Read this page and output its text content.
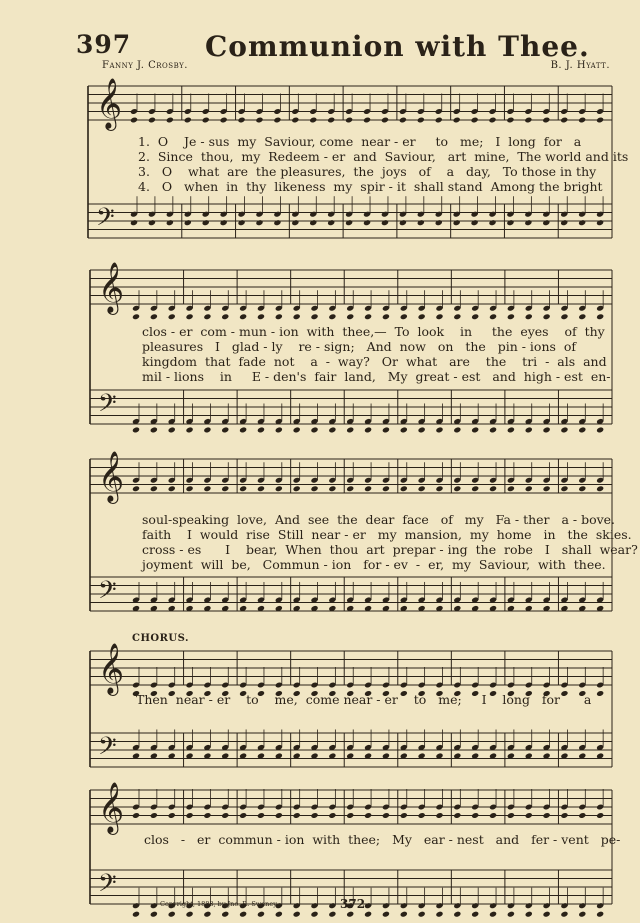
397	Communion with Thee.
Fanny J. Crosby.	B. J. Hyatt.
𝄞
𝄢
𝄞
𝄢
𝄞
𝄢
𝄞
𝄢
𝄞
𝄢
1.  O    Je - sus  my  Saviour, come  near - er     to   me;   I  long  for   a
2.  Since  thou,  my  Redeem - er  and  Saviour,   art  mine,  The world and its
3.   O    what  are  the pleasures,  the  joys   of    a   day,   To those in thy
4.   O   when  in  thy  likeness  my  spir - it  shall stand  Among the bright
clos - er  com - mun - ion  with  thee,—  To  look    in     the  eyes    of  thy
pleasures   I   glad - ly    re - sign;   And  now   on   the   pin - ions  of
kingdom  that  fade  not    a  -  way?   Or  what   are    the    tri  -  als  and
mil - lions    in     E - den's  fair  land,   My  great - est   and  high - est  en-
soul-speaking  love,  And  see  the  dear  face   of   my   Fa - ther   a - bove.
faith    I  would  rise  Still  near - er   my  mansion,  my  home   in   the  skies.
cross - es      I    bear,  When  thou  art  prepar - ing  the  robe   I   shall  wear?
joyment  will  be,   Commun - ion   for - ev  -  er,  my  Saviour,  with  thee.
CHORUS.
Then  near - er    to    me,  come near - er    to   me;     I    long   for      a
clos   -   er  commun - ion  with  thee;   My   ear - nest   and   fer - vent   pe-
Copyright, 1888, by Jno. R. Sweney.	372
